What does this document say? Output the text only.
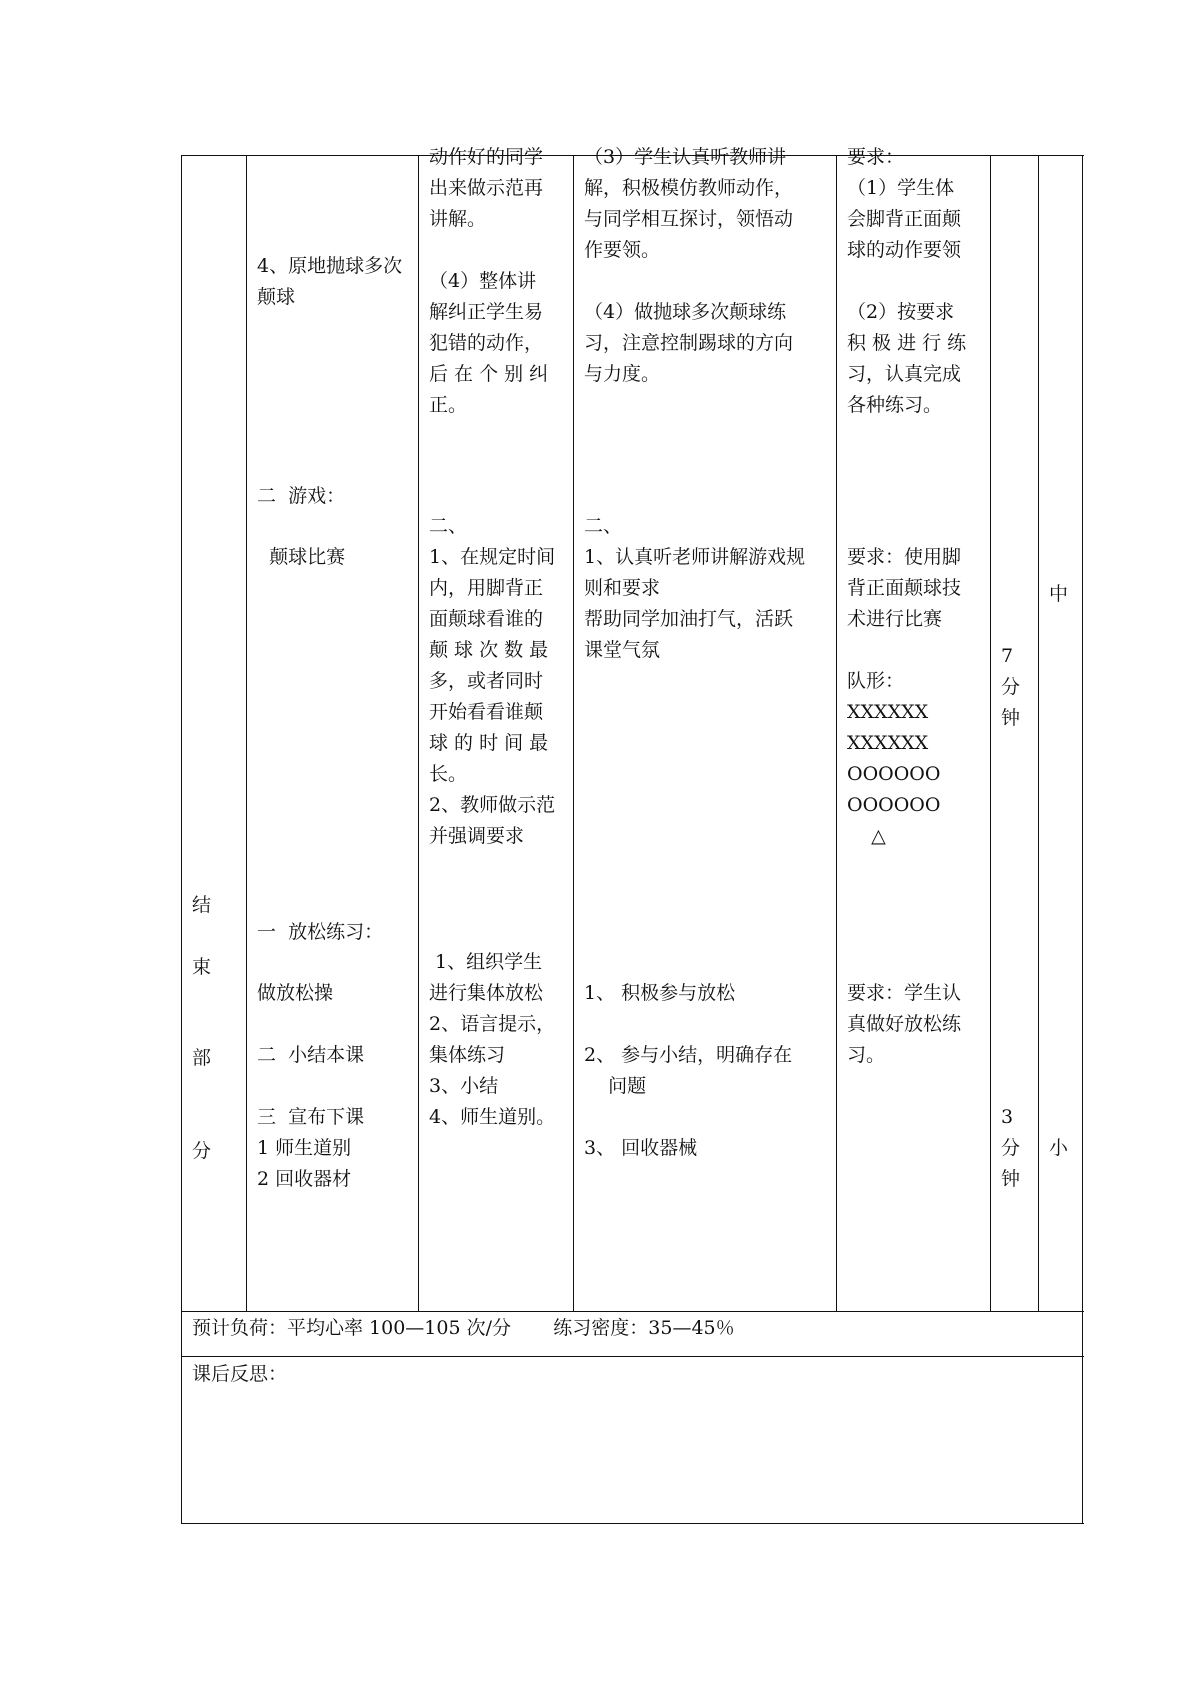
结
束
部
分
4、原地抛球多次
颠球
二  游戏：
颠球比赛
一  放松练习：
做放松操
二  小结本课
三  宣布下课
1 师生道别
2 回收器材
动作好的同学
出来做示范再
讲解。
（4）整体讲
解纠正学生易
犯错的动作，
后 在 个 别 纠
正。
二、
1、在规定时间
内，用脚背正
面颠球看谁的
颠 球 次 数 最
多，或者同时
开始看看谁颠
球 的 时 间 最
长。
2、教师做示范
并强调要求
1、组织学生
进行集体放松
2、语言提示，
集体练习
3、小结
4、师生道别。
（3）学生认真听教师讲
解，积极模仿教师动作，
与同学相互探讨，领悟动
作要领。
（4）做抛球多次颠球练
习，注意控制踢球的方向
与力度。
二、
1、认真听老师讲解游戏规
则和要求
帮助同学加油打气，活跃
课堂气氛
1、 积极参与放松
2、 参与小结，明确存在
问题
3、 回收器械
要求：
（1）学生体
会脚背正面颠
球的动作要领
（2）按要求
积 极 进 行 练
习，认真完成
各种练习。
要求：使用脚
背正面颠球技
术进行比赛
队形：
XXXXXX
XXXXXX
OOOOOO
OOOOOO
△
要求：学生认
真做好放松练
习。
7
分
钟
3
分
钟
中
小
预计负荷：平均心率 100—105 次/分       练习密度：35—45％
课后反思：
